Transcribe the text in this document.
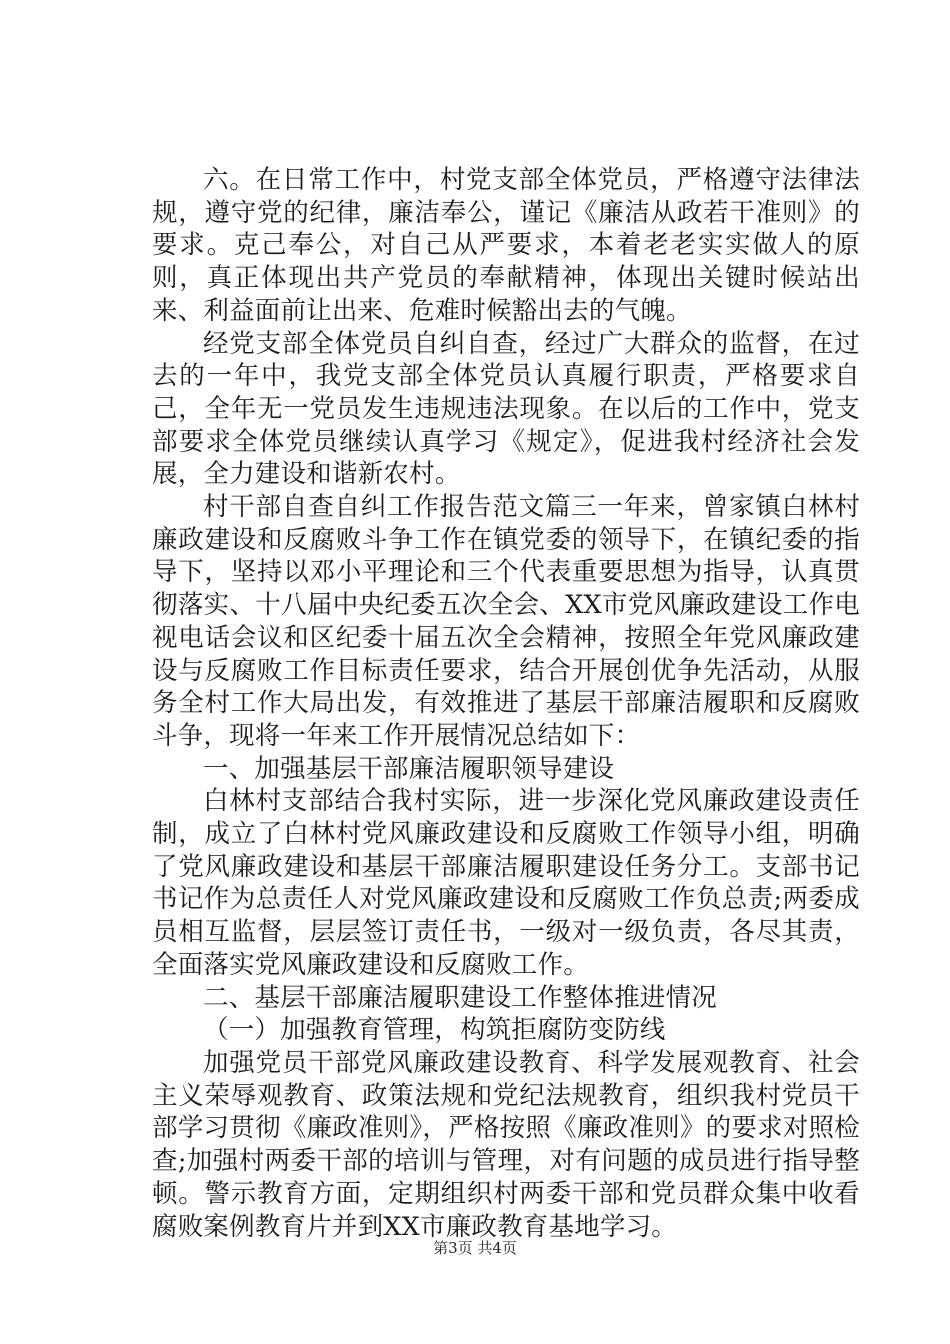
六。在日常工作中，村党支部全体党员，严格遵守法律法规，遵守党的纪律，廉洁奉公，谨记《廉洁从政若干准则》的要求。克己奉公，对自己从严要求，本着老老实实做人的原则，真正体现出共产党员的奉献精神，体现出关键时候站出来、利益面前让出来、危难时候豁出去的气魄。

经党支部全体党员自纠自查，经过广大群众的监督，在过去的一年中，我党支部全体党员认真履行职责，严格要求自己，全年无一党员发生违规违法现象。在以后的工作中，党支部要求全体党员继续认真学习《规定》，促进我村经济社会发展，全力建设和谐新农村。

村干部自查自纠工作报告范文篇三一年来，曾家镇白林村廉政建设和反腐败斗争工作在镇党委的领导下，在镇纪委的指导下，坚持以邓小平理论和三个代表重要思想为指导，认真贯彻落实、十八届中央纪委五次全会、XX市党风廉政建设工作电视电话会议和区纪委十届五次全会精神，按照全年党风廉政建设与反腐败工作目标责任要求，结合开展创优争先活动，从服务全村工作大局出发，有效推进了基层干部廉洁履职和反腐败斗争，现将一年来工作开展情况总结如下：

一、加强基层干部廉洁履职领导建设

白林村支部结合我村实际，进一步深化党风廉政建设责任制，成立了白林村党风廉政建设和反腐败工作领导小组，明确了党风廉政建设和基层干部廉洁履职建设任务分工。支部书记书记作为总责任人对党风廉政建设和反腐败工作负总责;两委成员相互监督，层层签订责任书，一级对一级负责，各尽其责，全面落实党风廉政建设和反腐败工作。

二、基层干部廉洁履职建设工作整体推进情况

（一）加强教育管理，构筑拒腐防变防线

加强党员干部党风廉政建设教育、科学发展观教育、社会主义荣辱观教育、政策法规和党纪法规教育，组织我村党员干部学习贯彻《廉政准则》，严格按照《廉政准则》的要求对照检查;加强村两委干部的培训与管理，对有问题的成员进行指导整顿。警示教育方面，定期组织村两委干部和党员群众集中收看腐败案例教育片并到XX市廉政教育基地学习。

第3页 共4页
